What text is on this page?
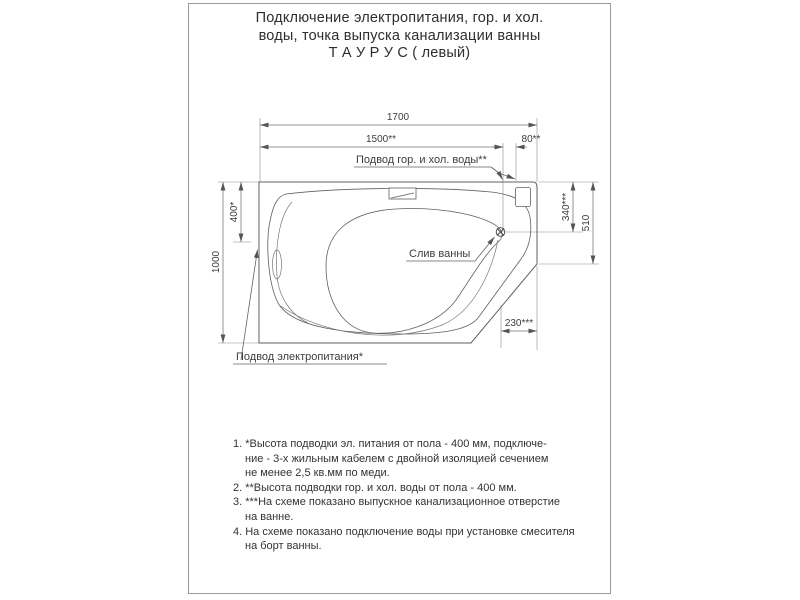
Подключение электропитания, гор. и хол.
воды, точка выпуска канализации ванны
Т А У Р У С ( левый)
1700
1500**	80**
400*
1000
340***
510
230***
Подвод гор. и хол. воды**
Слив ванны
Подвод электропитания*
1. *Высота подводки эл. питания от пола - 400 мм, подключе-
ние - 3-х жильным кабелем с двойной изоляцией сечением
не менее 2,5 кв.мм по меди.
2. **Высота подводки гор. и хол. воды от пола - 400 мм.
3. ***На схеме показано выпускное канализационное отверстие
на ванне.
4. На схеме показано подключение воды при установке смесителя
на борт ванны.
